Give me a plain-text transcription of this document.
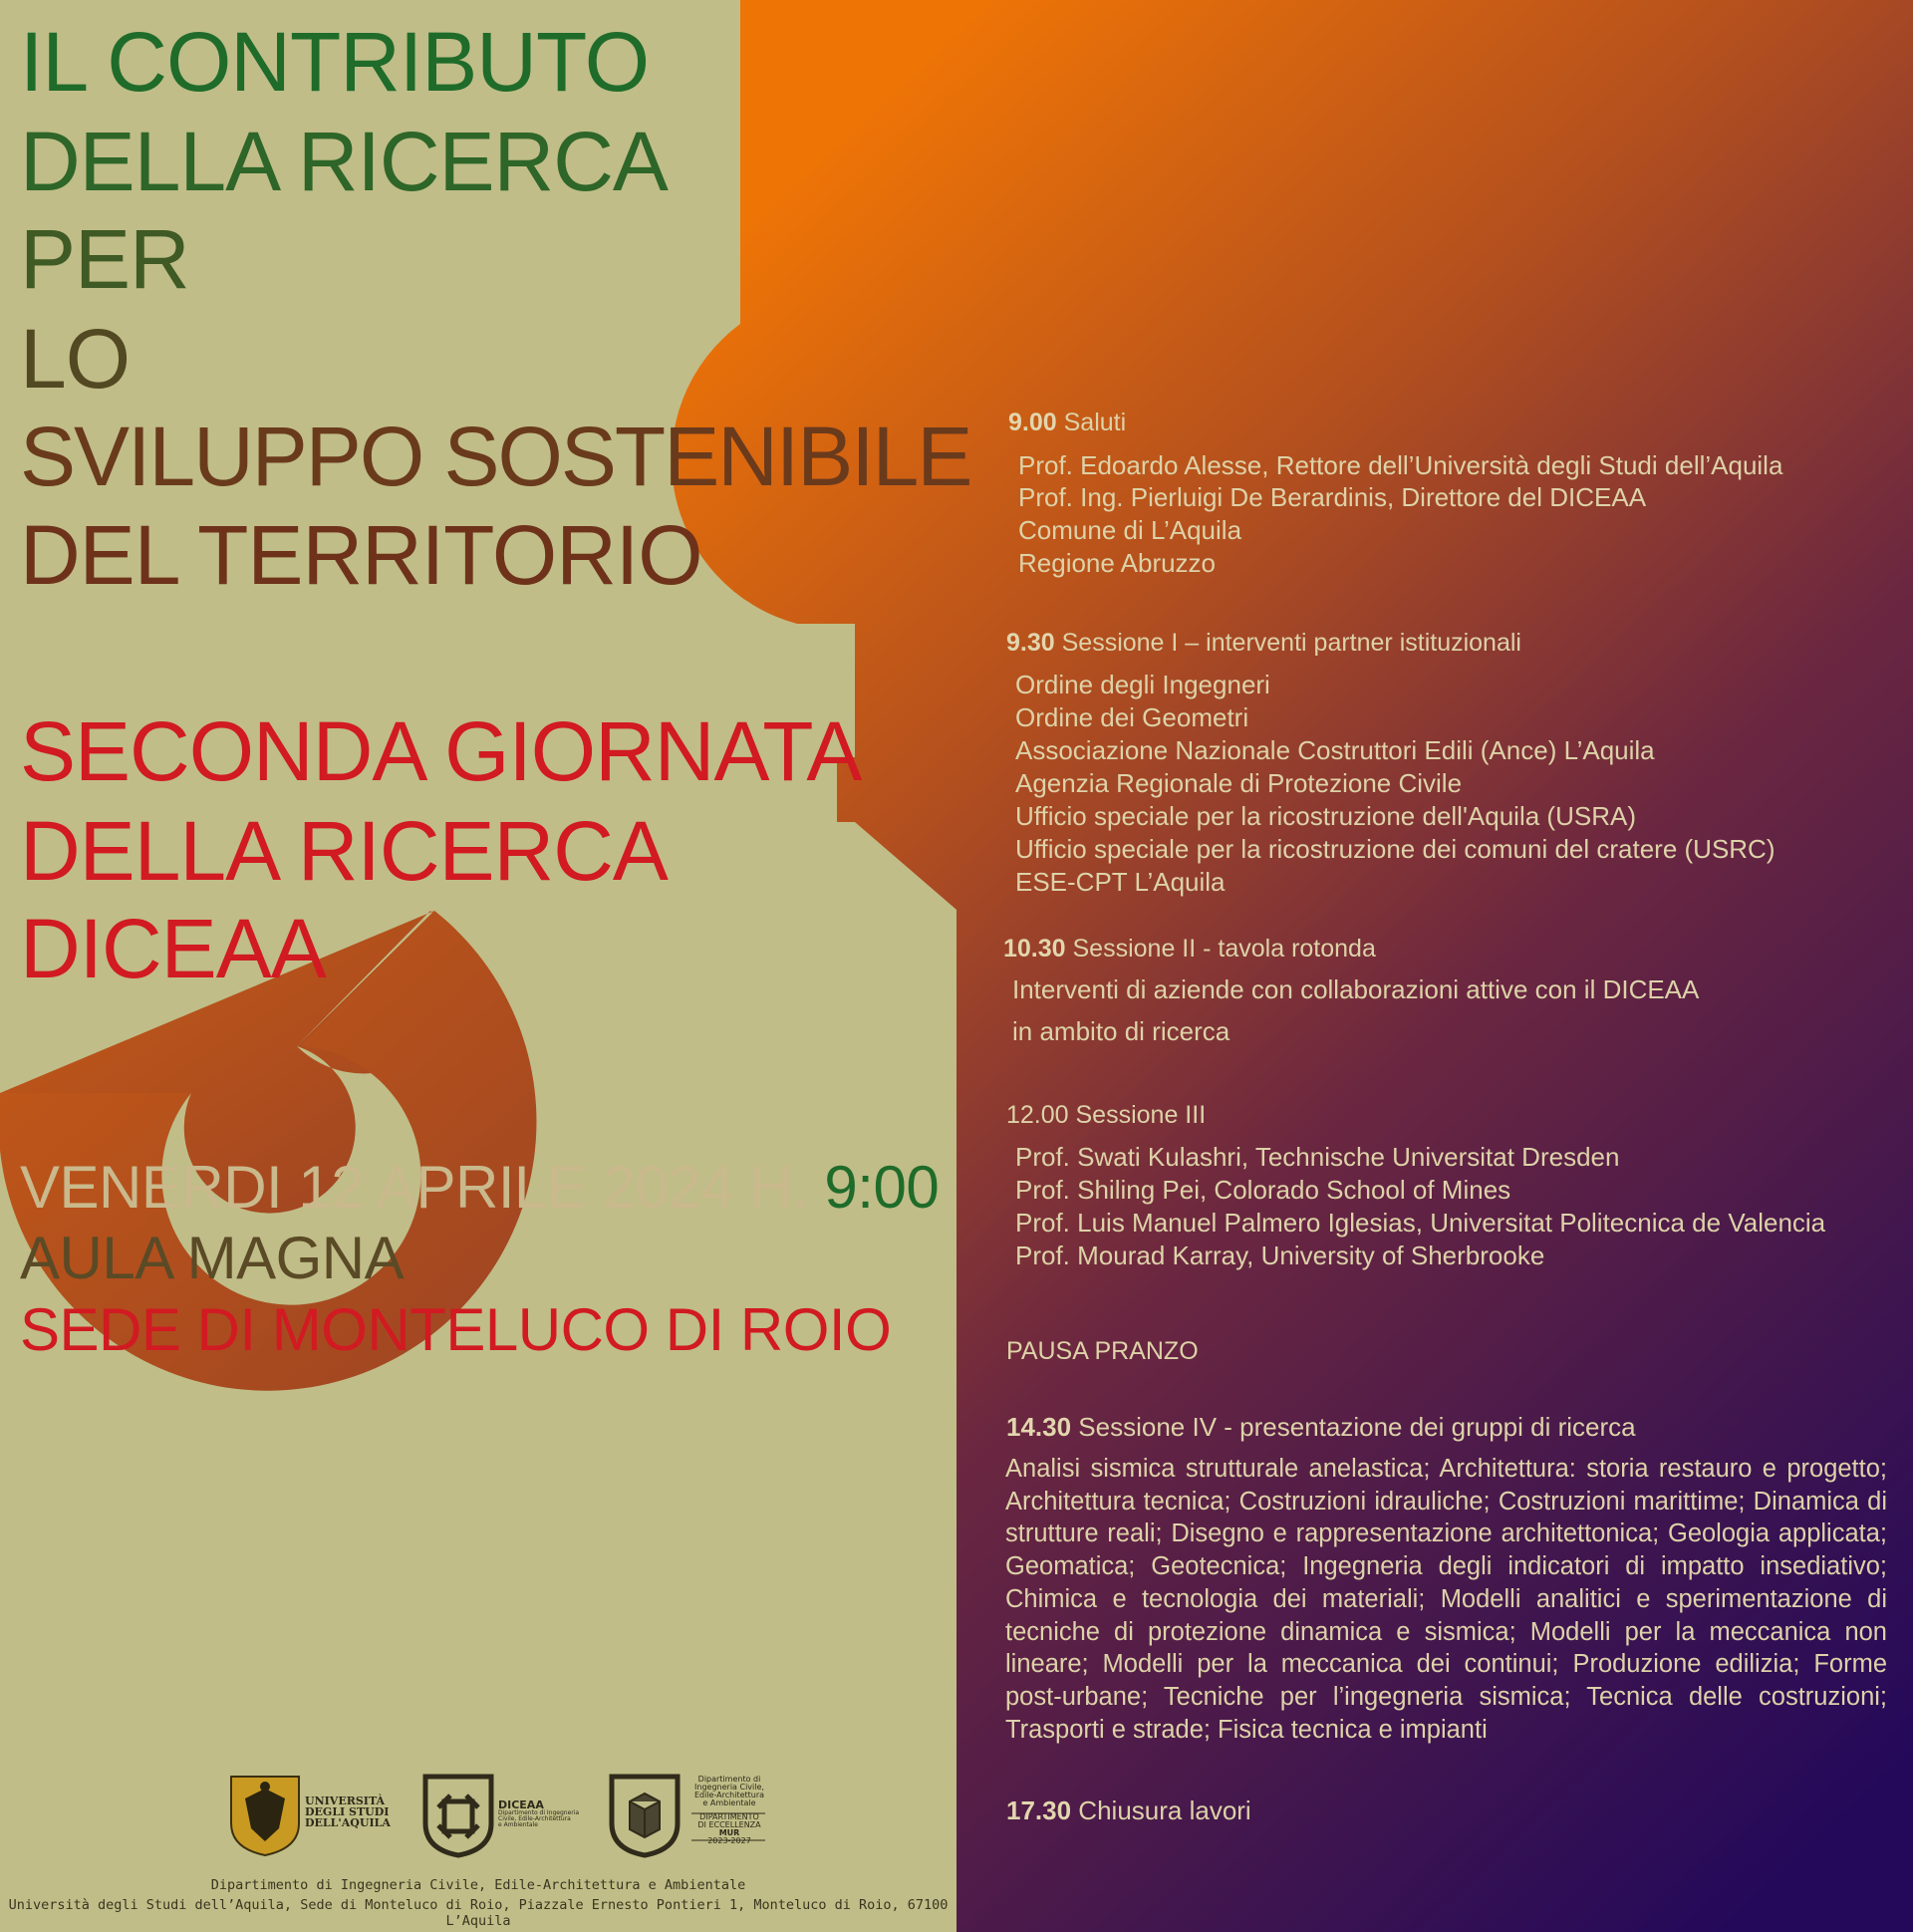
IL CONTRIBUTO
DELLA RICERCA
PER
LO
SVILUPPO SOSTENIBILE
DEL TERRITORIO
SECONDA GIORNATA
DELLA RICERCA
DICEAA
VENERDI 12 APRILE 2024 H. 9:00
AULA MAGNA
SEDE DI MONTELUCO DI ROIO
9.00 Saluti
Prof. Edoardo Alesse, Rettore dell’Università degli Studi dell’Aquila
Prof. Ing. Pierluigi De Berardinis, Direttore del DICEAA
Comune di L’Aquila
Regione Abruzzo
9.30 Sessione I – interventi partner istituzionali
Ordine degli Ingegneri
Ordine dei Geometri
Associazione Nazionale Costruttori Edili (Ance) L’Aquila
Agenzia Regionale di Protezione Civile
Ufficio speciale per la ricostruzione dell'Aquila (USRA)
Ufficio speciale per la ricostruzione dei comuni del cratere (USRC)
ESE-CPT L’Aquila
10.30 Sessione II - tavola rotonda
Interventi di aziende con collaborazioni attive con il DICEAA
in ambito di ricerca
12.00 Sessione III
Prof. Swati Kulashri, Technische Universitat Dresden
Prof. Shiling Pei, Colorado School of Mines
Prof. Luis Manuel Palmero Iglesias, Universitat Politecnica de Valencia
Prof. Mourad Karray, University of Sherbrooke
PAUSA PRANZO
14.30 Sessione IV - presentazione dei gruppi di ricerca

Analisi sismica strutturale anelastica; Architettura: storia restauro e progetto; Architettura tecnica; Costruzioni idrauliche; Costruzioni marittime; Dinamica di strutture reali; Disegno e rappresentazione architettonica; Geologia applicata; Geomatica; Geotecnica; Ingegneria degli indicatori di impatto insediativo; Chimica e tecnologia dei materiali; Modelli analitici e sperimentazione di tecniche di protezione dinamica e sismica; Modelli per la meccanica non lineare; Modelli per la meccanica dei continui; Produzione edilizia; Forme post-urbane; Tecniche per l’ingegneria sismica; Tecnica delle costruzioni; Trasporti e strade; Fisica tecnica e impianti

17.30 Chiusura lavori
UNIVERSITÀ
DEGLI STUDI
DELL'AQUILA
DICEAA
Dipartimento di Ingegneria
Civile, Edile-Architettura
e Ambientale
Dipartimento di
Ingegneria Civile,
Edile-Architettura
e Ambientale
DIPARTIMENTO
DI ECCELLENZA
MUR
2023-2027
Dipartimento di Ingegneria Civile, Edile-Architettura e Ambientale
Università degli Studi dell’Aquila, Sede di Monteluco di Roio, Piazzale Ernesto Pontieri 1, Monteluco di Roio, 67100 L’Aquila
